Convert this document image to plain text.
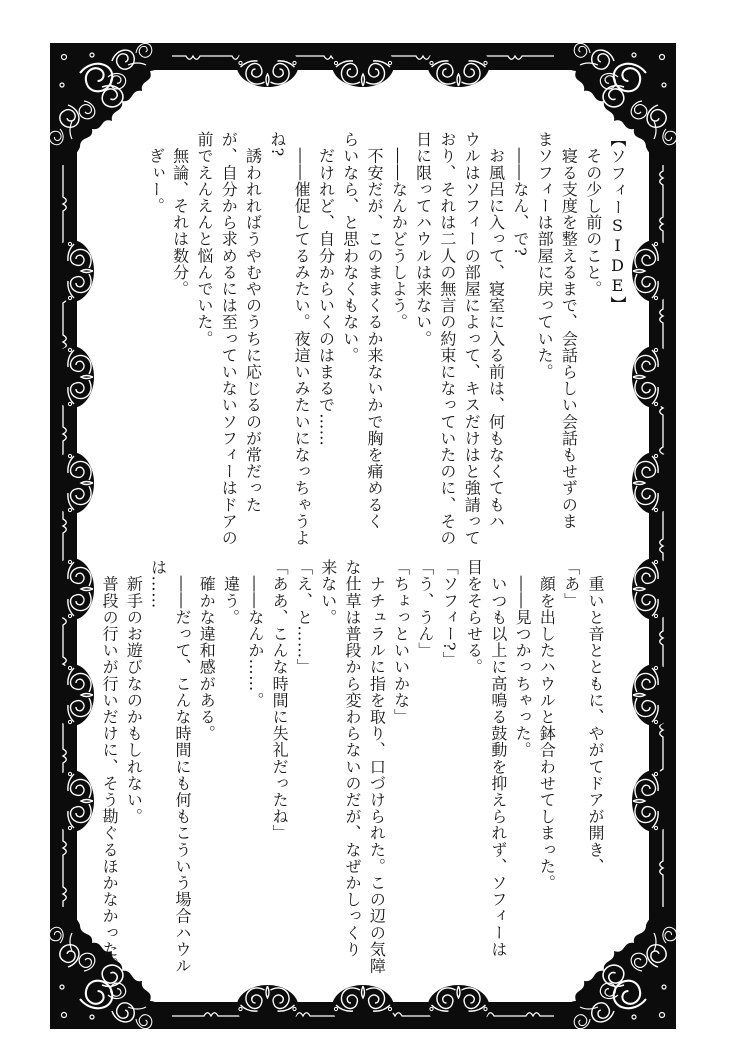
【ソフィーSIDE】

　その少し前のこと。

　寝る支度を整えるまで、会話らしい会話もせずのま

まソフィーは部屋に戻っていた。

　――なん、で?

　お風呂に入って、寝室に入る前は、何もなくてもハ

ウルはソフィーの部屋によって、キスだけはと強請って

おり、それは二人の無言の約束になっていたのに、その

日に限ってハウルは来ない。

　――なんかどうしよう。

　不安だが、このままくるか来ないかで胸を痛めるく

らいなら、と思わなくもない。

　だけれど、自分からいくのはまるで……

　――催促してるみたい。夜這いみたいになっちゃうよ

ね?

　誘われればうやむやのうちに応じるのが常だった

が、自分から求めるには至っていないソフィーはドアの

前でえんえんと悩んでいた。

　無論、それは数分。

　ぎぃー。

　重いと音とともに、やがてドアが開き、

「あ」

　顔を出したハウルと鉢合わせてしまった。

　――見つかっちゃった。

　いつも以上に高鳴る鼓動を抑えられず、ソフィーは

目をそらせる。

「ソフィー?」

「う、うん」

「ちょっといいかな」

　ナチュラルに指を取り、口づけられた。この辺の気障

な仕草は普段から変わらないのだが、なぜかしっくり

来ない。

「え、と……」

「ああ、こんな時間に失礼だったね」

　――なんか……。

　違う。

　確かな違和感がある。

　――だって、こんな時間にも何もこういう場合ハウル

は……

　新手のお遊びなのかもしれない。

　普段の行いが行いだけに、そう勘ぐるほかなかった。
